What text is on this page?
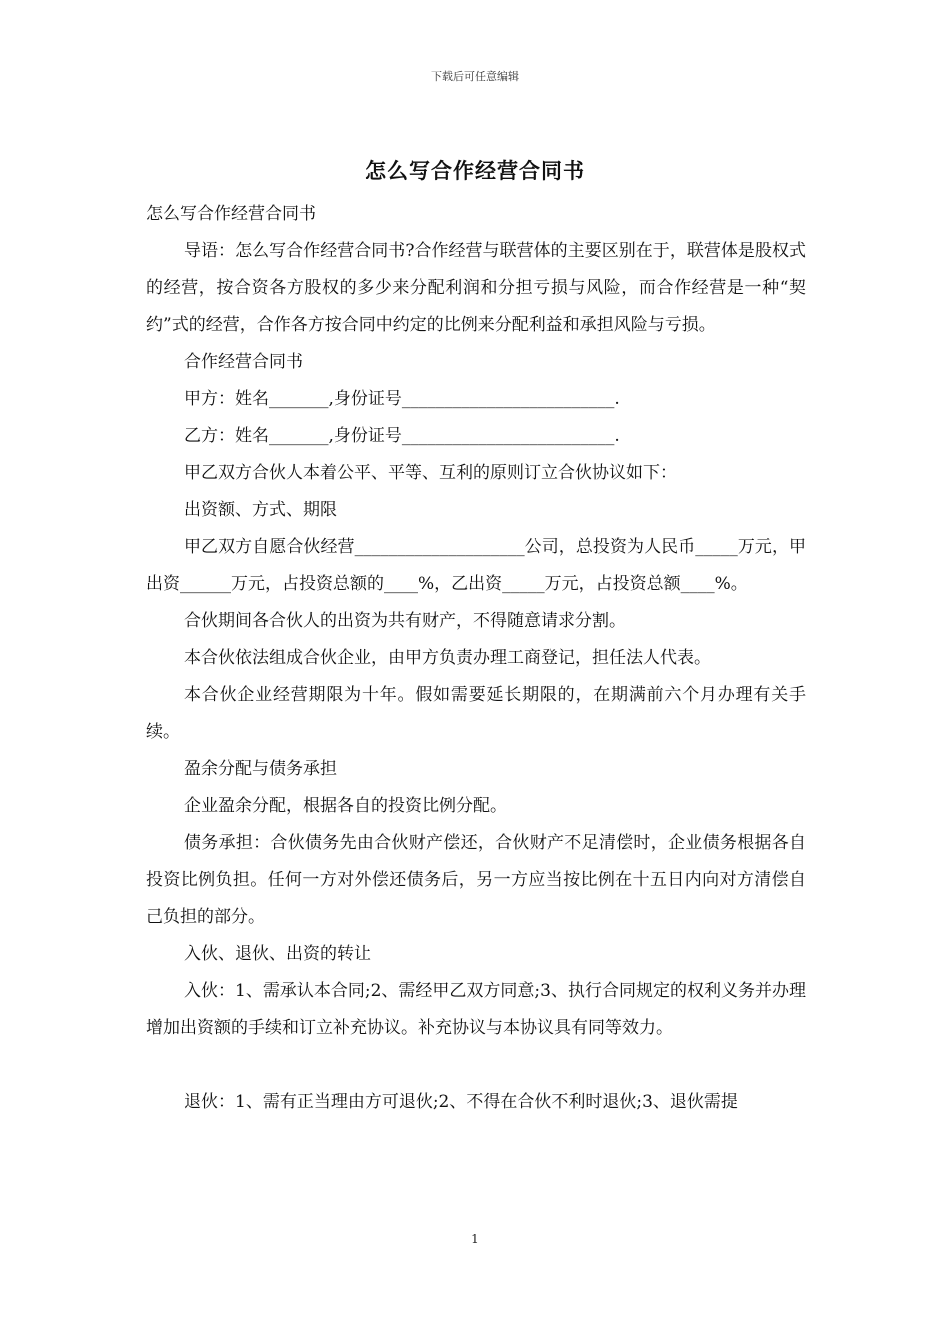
下载后可任意编辑
怎么写合作经营合同书

怎么写合作经营合同书

导语：怎么写合作经营合同书?合作经营与联营体的主要区别在于，联营体是股权式的经营，按合资各方股权的多少来分配利润和分担亏损与风险，而合作经营是一种“契约”式的经营，合作各方按合同中约定的比例来分配利益和承担风险与亏损。

合作经营合同书

甲方：姓名_______,身份证号_________________________.

乙方：姓名_______,身份证号_________________________.

甲乙双方合伙人本着公平、平等、互利的原则订立合伙协议如下：

出资额、方式、期限

甲乙双方自愿合伙经营____________________公司，总投资为人民币_____万元，甲出资______万元，占投资总额的____%，乙出资_____万元，占投资总额____%。

合伙期间各合伙人的出资为共有财产，不得随意请求分割。

本合伙依法组成合伙企业，由甲方负责办理工商登记，担任法人代表。

本合伙企业经营期限为十年。假如需要延长期限的，在期满前六个月办理有关手续。

盈余分配与债务承担

企业盈余分配，根据各自的投资比例分配。

债务承担：合伙债务先由合伙财产偿还，合伙财产不足清偿时，企业债务根据各自投资比例负担。任何一方对外偿还债务后，另一方应当按比例在十五日内向对方清偿自己负担的部分。

入伙、退伙、出资的转让

入伙：1、需承认本合同;2、需经甲乙双方同意;3、执行合同规定的权利义务并办理增加出资额的手续和订立补充协议。补充协议与本协议具有同等效力。

退伙：1、需有正当理由方可退伙;2、不得在合伙不利时退伙;3、退伙需提

1
